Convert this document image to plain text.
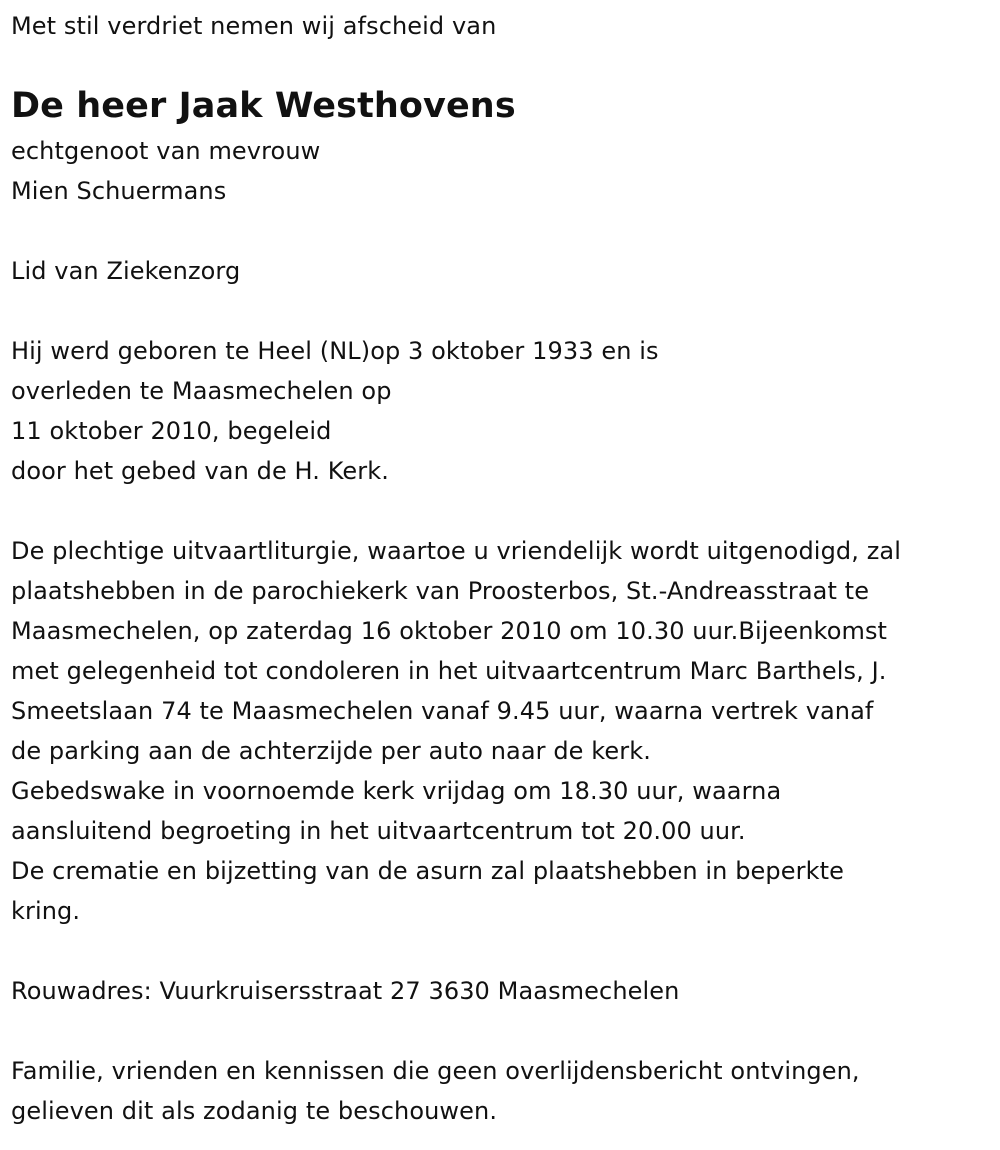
Met stil verdriet nemen wij afscheid van
De heer Jaak Westhovens
echtgenoot van mevrouw
Mien Schuermans
Lid van Ziekenzorg
Hij werd geboren te Heel (NL)op 3 oktober 1933 en is
overleden te Maasmechelen op
11 oktober 2010, begeleid
door het gebed van de H. Kerk.
De plechtige uitvaartliturgie, waartoe u vriendelijk wordt uitgenodigd, zal
plaatshebben in de parochiekerk van Proosterbos, St.-Andreasstraat te
Maasmechelen, op zaterdag 16 oktober 2010 om 10.30 uur.Bijeenkomst
met gelegenheid tot condoleren in het uitvaartcentrum Marc Barthels, J.
Smeetslaan 74 te Maasmechelen vanaf 9.45 uur, waarna vertrek vanaf
de parking aan de achterzijde per auto naar de kerk.
Gebedswake in voornoemde kerk vrijdag om 18.30 uur, waarna
aansluitend begroeting in het uitvaartcentrum tot 20.00 uur.
De crematie en bijzetting van de asurn zal plaatshebben in beperkte
kring.
Rouwadres: Vuurkruisersstraat 27 3630 Maasmechelen
Familie, vrienden en kennissen die geen overlijdensbericht ontvingen,
gelieven dit als zodanig te beschouwen.
